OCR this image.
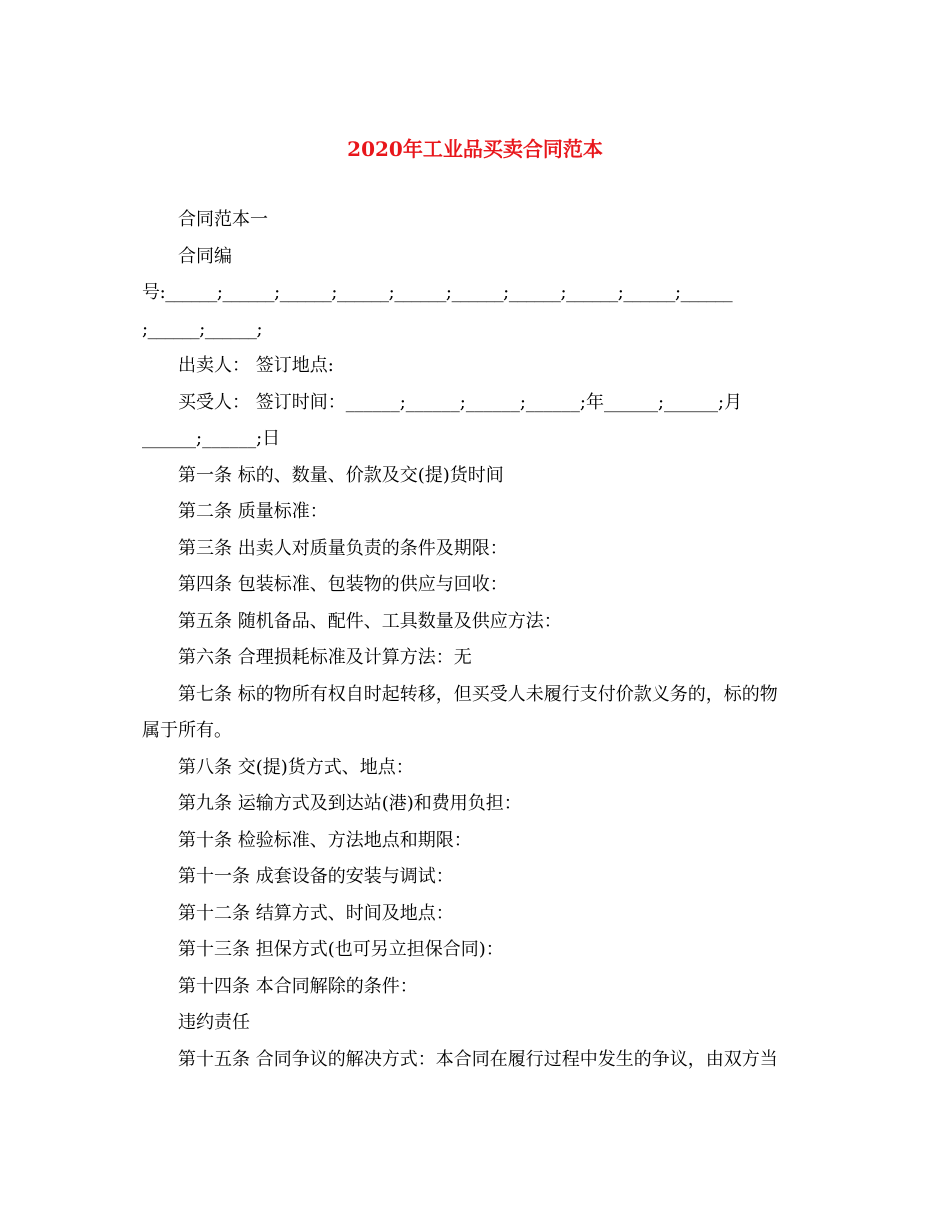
2020年工业品买卖合同范本
合同范本一
合同编
号:______;______;______;______;______;______;______;______;______;______
;______;______;
出卖人： 签订地点:
买受人： 签订时间：______;______;______;______;年______;______;月
______;______;日
第一条 标的、数量、价款及交(提)货时间
第二条 质量标准：
第三条 出卖人对质量负责的条件及期限：
第四条 包装标准、包装物的供应与回收：
第五条 随机备品、配件、工具数量及供应方法：
第六条 合理损耗标准及计算方法：无
第七条 标的物所有权自时起转移，但买受人未履行支付价款义务的，标的物
属于所有。
第八条 交(提)货方式、地点：
第九条 运输方式及到达站(港)和费用负担：
第十条 检验标准、方法地点和期限：
第十一条 成套设备的安装与调试：
第十二条 结算方式、时间及地点：
第十三条 担保方式(也可另立担保合同)：
第十四条 本合同解除的条件：
违约责任
第十五条 合同争议的解决方式：本合同在履行过程中发生的争议，由双方当
